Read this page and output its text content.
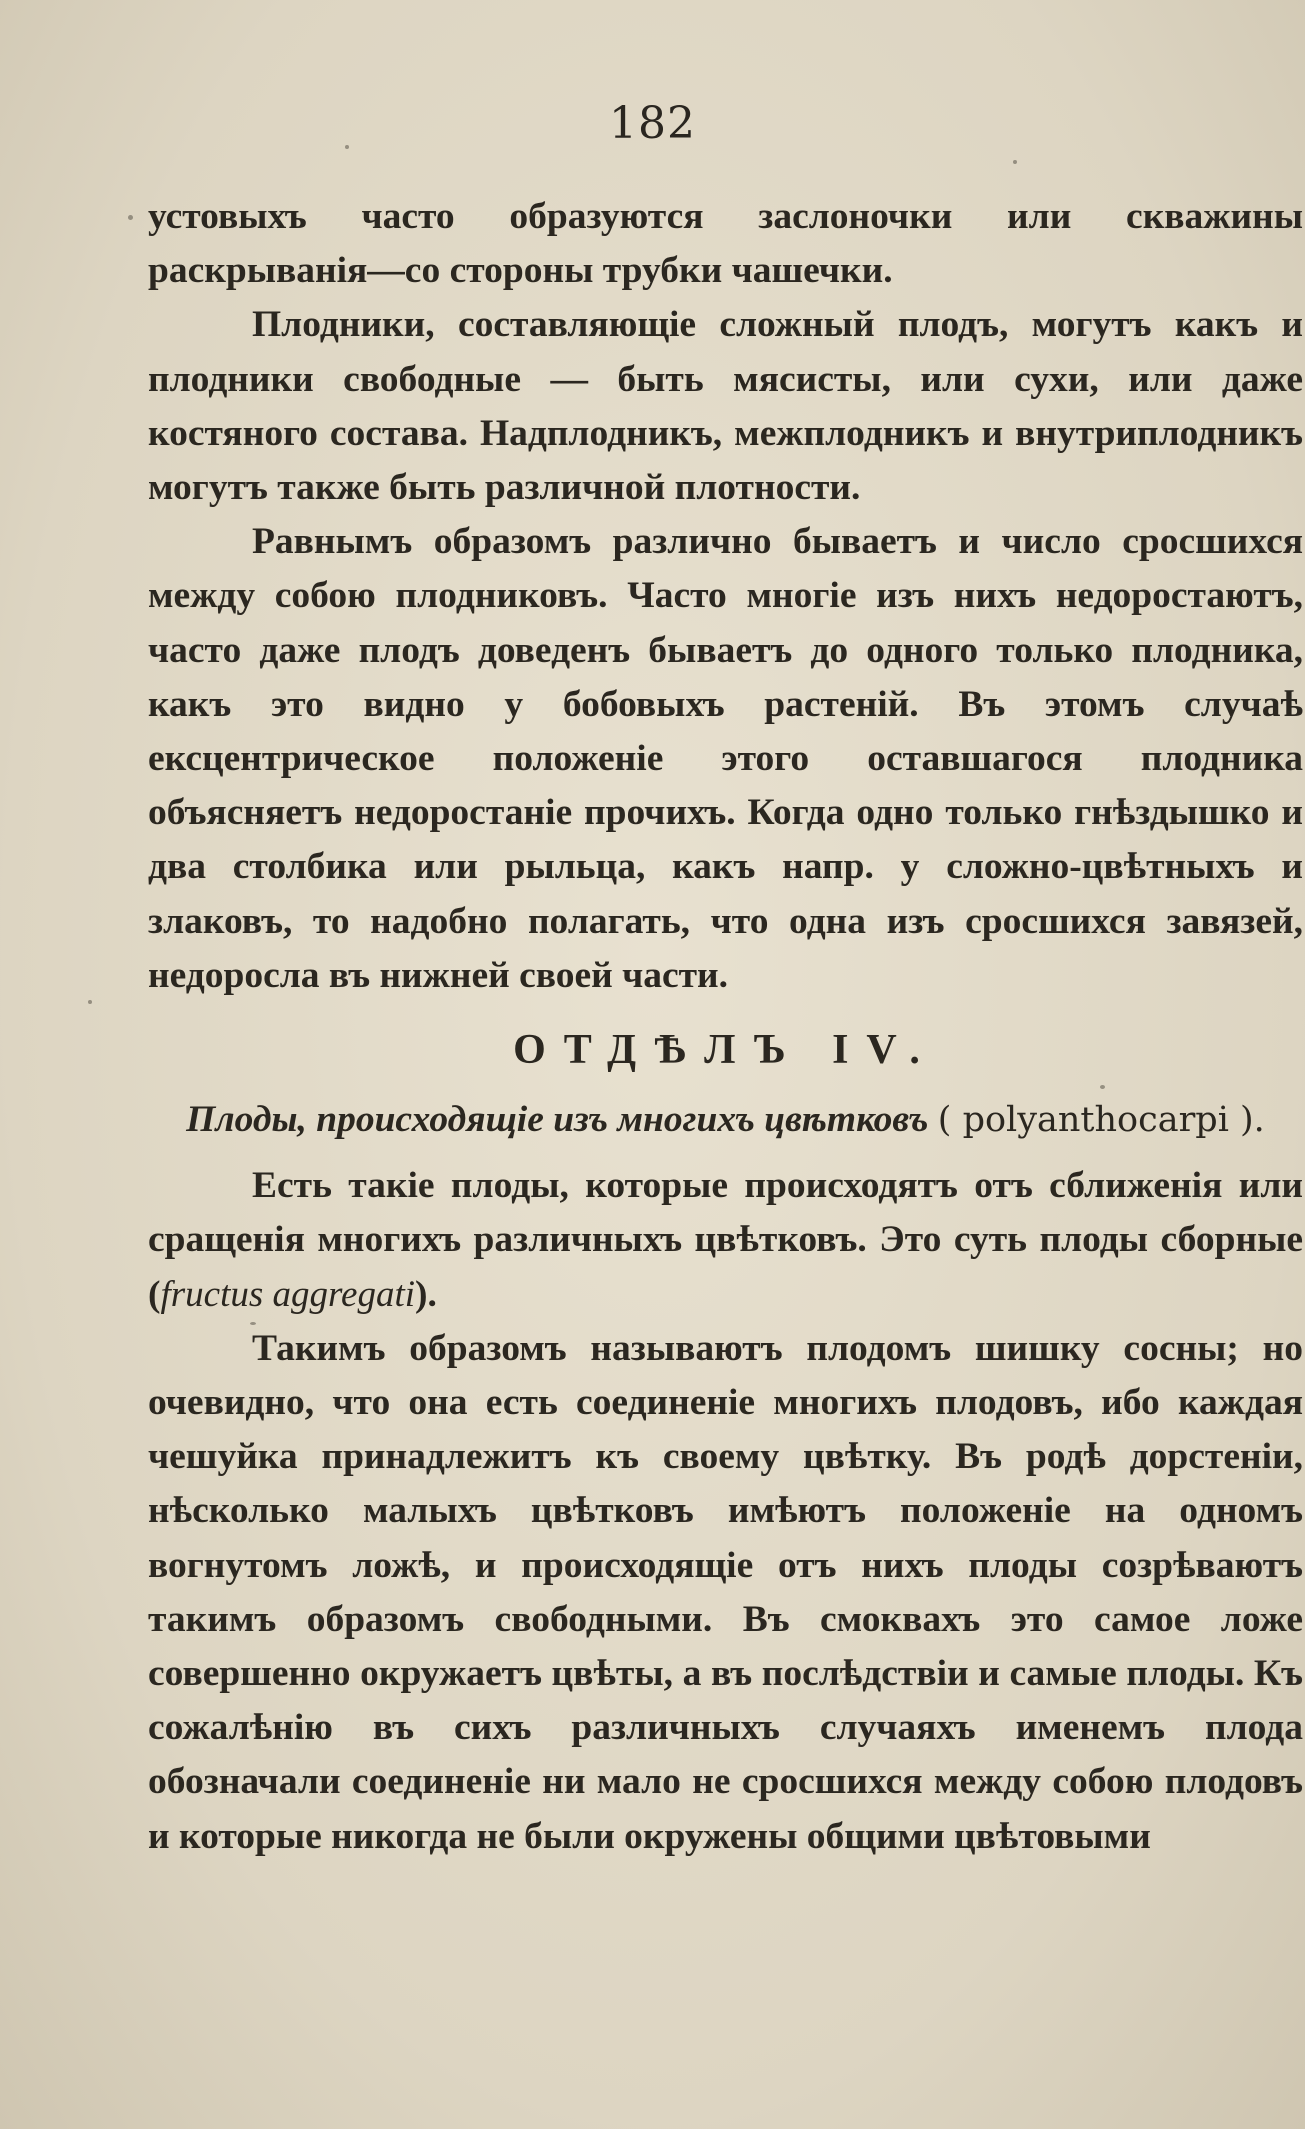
182

устовыхъ часто образуются заслоночки или скважины раскрыванія—со стороны трубки чашечки.

Плодники, составляющіе сложный плодъ, могутъ какъ и плодники свободные — быть мясисты, или сухи, или даже костяного состава. Надплодникъ, межплодникъ и внутриплодникъ могутъ также быть различной плотности.

Равнымъ образомъ различно бываетъ и число сросшихся между собою плодниковъ. Часто многіе изъ нихъ недоростаютъ, часто даже плодъ доведенъ бываетъ до одного только плодника, какъ это видно у бобовыхъ растеній. Въ этомъ случаѣ ексцентрическое положеніе этого оставшагося плодника объясняетъ недоростаніе прочихъ. Когда одно только гнѣздышко и два столбика или рыльца, какъ напр. у сложно-цвѣтныхъ и злаковъ, то надобно полагать, что одна изъ сросшихся завязей, недоросла въ нижней своей части.

ОТДѢЛЪ IV.
Плоды, происходящіе изъ многихъ цвѣтковъ ( polyanthocarpi ).

Есть такіе плоды, которые происходятъ отъ сближенія или сращенія многихъ различныхъ цвѣтковъ. Это суть плоды сборные (fructus aggregati).

Такимъ образомъ называютъ плодомъ шишку сосны; но очевидно, что она есть соединеніе многихъ плодовъ, ибо каждая чешуйка принадлежитъ къ своему цвѣтку. Въ родѣ дорстеніи, нѣсколько малыхъ цвѣтковъ имѣютъ положеніе на одномъ вогнутомъ ложѣ, и происходящіе отъ нихъ плоды созрѣваютъ такимъ образомъ свободными. Въ смоквахъ это самое ложе совершенно окружаетъ цвѣты, а въ послѣдствіи и самые плоды. Къ сожалѣнію въ сихъ различныхъ случаяхъ именемъ плода обозначали соединеніе ни мало не сросшихся между собою плодовъ и которые никогда не были окружены общими цвѣтовыми
